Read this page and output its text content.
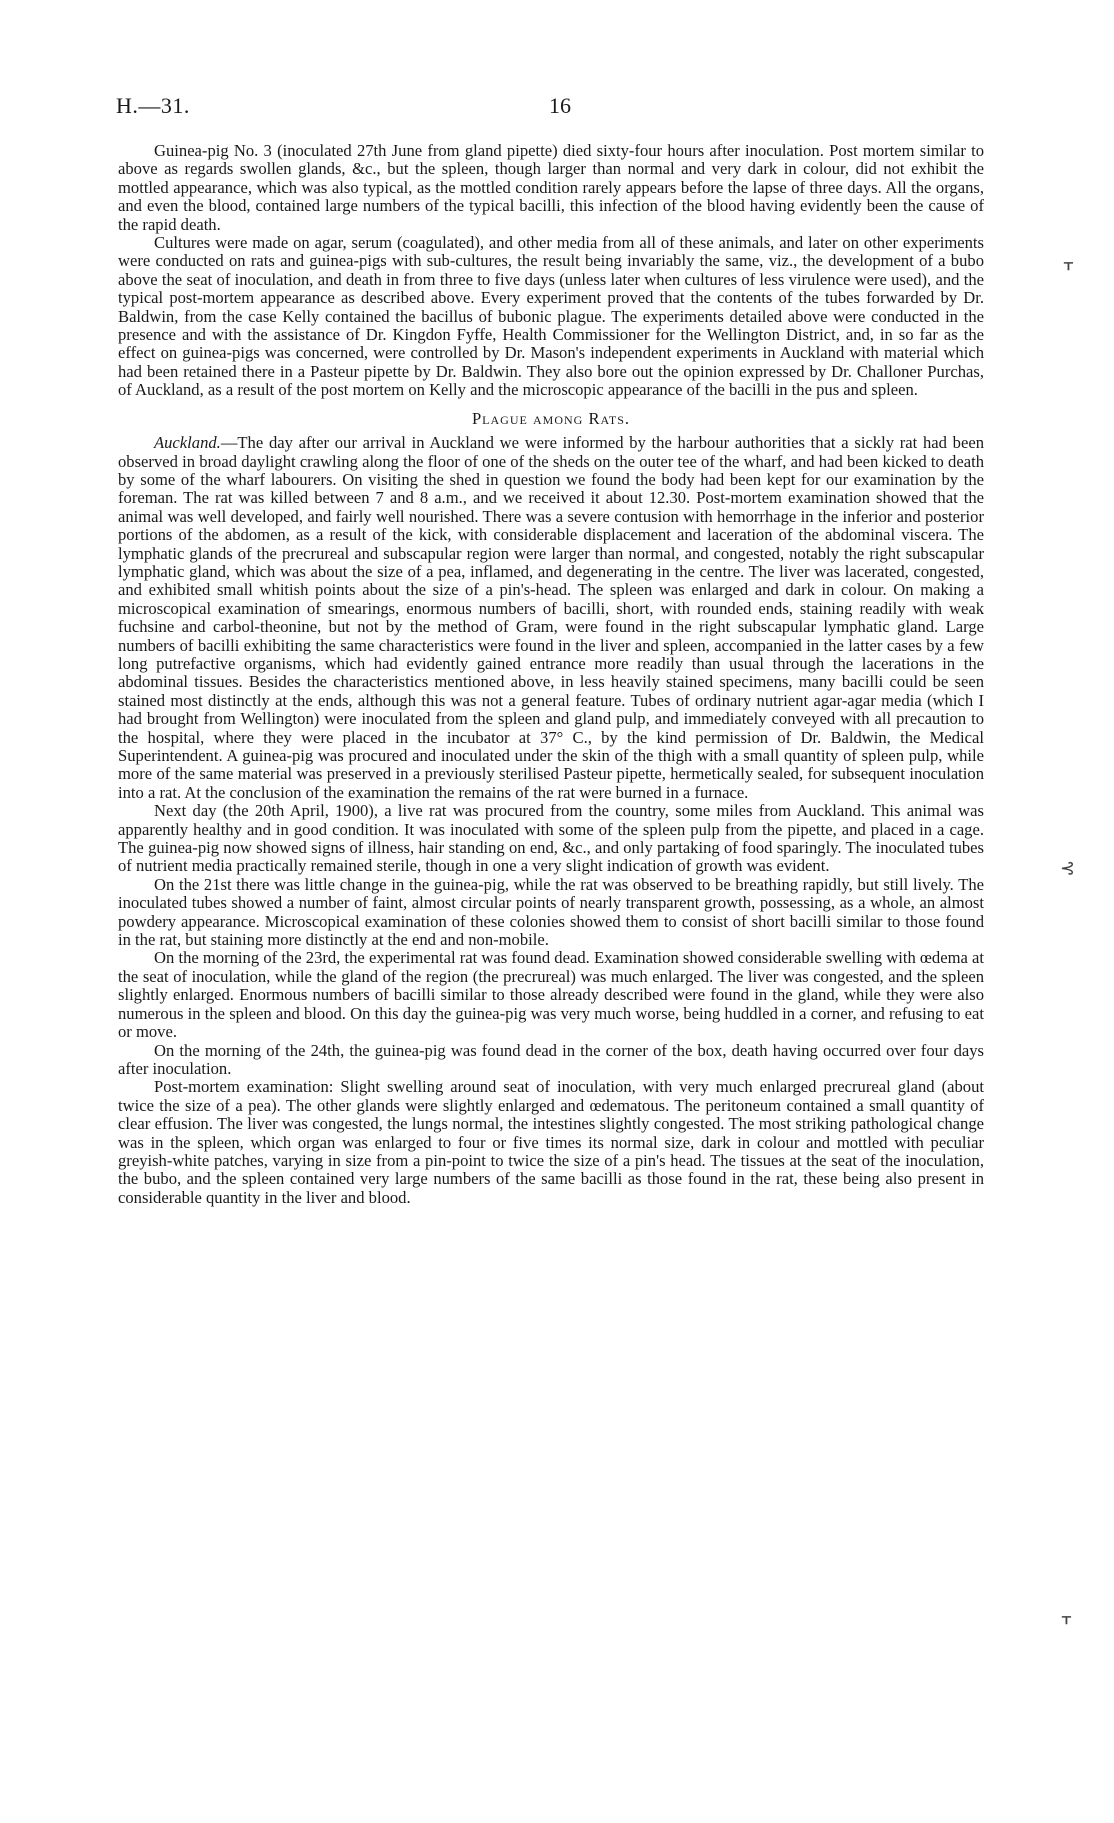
H.—31.	16
ᚁ
⊰
ᚁ

Guinea-pig No. 3 (inoculated 27th June from gland pipette) died sixty-four hours after inoculation. Post mortem similar to above as regards swollen glands, &c., but the spleen, though larger than normal and very dark in colour, did not exhibit the mottled appearance, which was also typical, as the mottled condition rarely appears before the lapse of three days. All the organs, and even the blood, contained large numbers of the typical bacilli, this infection of the blood having evidently been the cause of the rapid death.

Cultures were made on agar, serum (coagulated), and other media from all of these animals, and later on other experiments were conducted on rats and guinea-pigs with sub-cultures, the result being invariably the same, viz., the development of a bubo above the seat of inoculation, and death in from three to five days (unless later when cultures of less virulence were used), and the typical post-mortem appearance as described above. Every experiment proved that the contents of the tubes forwarded by Dr. Baldwin, from the case Kelly contained the bacillus of bubonic plague. The experiments detailed above were conducted in the presence and with the assistance of Dr. Kingdon Fyffe, Health Commissioner for the Wellington District, and, in so far as the effect on guinea-pigs was concerned, were controlled by Dr. Mason's independent experiments in Auckland with material which had been retained there in a Pasteur pipette by Dr. Baldwin. They also bore out the opinion expressed by Dr. Challoner Purchas, of Auckland, as a result of the post mortem on Kelly and the microscopic appearance of the bacilli in the pus and spleen.

Plague among Rats.

Auckland.—The day after our arrival in Auckland we were informed by the harbour authorities that a sickly rat had been observed in broad daylight crawling along the floor of one of the sheds on the outer tee of the wharf, and had been kicked to death by some of the wharf labourers. On visiting the shed in question we found the body had been kept for our examination by the foreman. The rat was killed between 7 and 8 a.m., and we received it about 12.30. Post-mortem examination showed that the animal was well developed, and fairly well nourished. There was a severe contusion with hemorrhage in the inferior and posterior portions of the abdomen, as a result of the kick, with considerable displacement and laceration of the abdominal viscera. The lymphatic glands of the precrureal and subscapular region were larger than normal, and congested, notably the right subscapular lymphatic gland, which was about the size of a pea, inflamed, and degenerating in the centre. The liver was lacerated, congested, and exhibited small whitish points about the size of a pin's-head. The spleen was enlarged and dark in colour. On making a microscopical examination of smearings, enormous numbers of bacilli, short, with rounded ends, staining readily with weak fuchsine and carbol-theonine, but not by the method of Gram, were found in the right subscapular lymphatic gland. Large numbers of bacilli exhibiting the same characteristics were found in the liver and spleen, accompanied in the latter cases by a few long putrefactive organisms, which had evidently gained entrance more readily than usual through the lacerations in the abdominal tissues. Besides the characteristics mentioned above, in less heavily stained specimens, many bacilli could be seen stained most distinctly at the ends, although this was not a general feature. Tubes of ordinary nutrient agar-agar media (which I had brought from Wellington) were inoculated from the spleen and gland pulp, and immediately conveyed with all precaution to the hospital, where they were placed in the incubator at 37° C., by the kind permission of Dr. Baldwin, the Medical Superintendent. A guinea-pig was procured and inoculated under the skin of the thigh with a small quantity of spleen pulp, while more of the same material was preserved in a previously sterilised Pasteur pipette, hermetically sealed, for subsequent inoculation into a rat. At the conclusion of the examination the remains of the rat were burned in a furnace.

Next day (the 20th April, 1900), a live rat was procured from the country, some miles from Auckland. This animal was apparently healthy and in good condition. It was inoculated with some of the spleen pulp from the pipette, and placed in a cage. The guinea-pig now showed signs of illness, hair standing on end, &c., and only partaking of food sparingly. The inoculated tubes of nutrient media practically remained sterile, though in one a very slight indication of growth was evident.

On the 21st there was little change in the guinea-pig, while the rat was observed to be breathing rapidly, but still lively. The inoculated tubes showed a number of faint, almost circular points of nearly transparent growth, possessing, as a whole, an almost powdery appearance. Microscopical examination of these colonies showed them to consist of short bacilli similar to those found in the rat, but staining more distinctly at the end and non-mobile.

On the morning of the 23rd, the experimental rat was found dead. Examination showed considerable swelling with œdema at the seat of inoculation, while the gland of the region (the precrureal) was much enlarged. The liver was congested, and the spleen slightly enlarged. Enormous numbers of bacilli similar to those already described were found in the gland, while they were also numerous in the spleen and blood. On this day the guinea-pig was very much worse, being huddled in a corner, and refusing to eat or move.

On the morning of the 24th, the guinea-pig was found dead in the corner of the box, death having occurred over four days after inoculation.

Post-mortem examination: Slight swelling around seat of inoculation, with very much enlarged precrureal gland (about twice the size of a pea). The other glands were slightly enlarged and œdematous. The peritoneum contained a small quantity of clear effusion. The liver was congested, the lungs normal, the intestines slightly congested. The most striking pathological change was in the spleen, which organ was enlarged to four or five times its normal size, dark in colour and mottled with peculiar greyish-white patches, varying in size from a pin-point to twice the size of a pin's head. The tissues at the seat of the inoculation, the bubo, and the spleen contained very large numbers of the same bacilli as those found in the rat, these being also present in considerable quantity in the liver and blood.
